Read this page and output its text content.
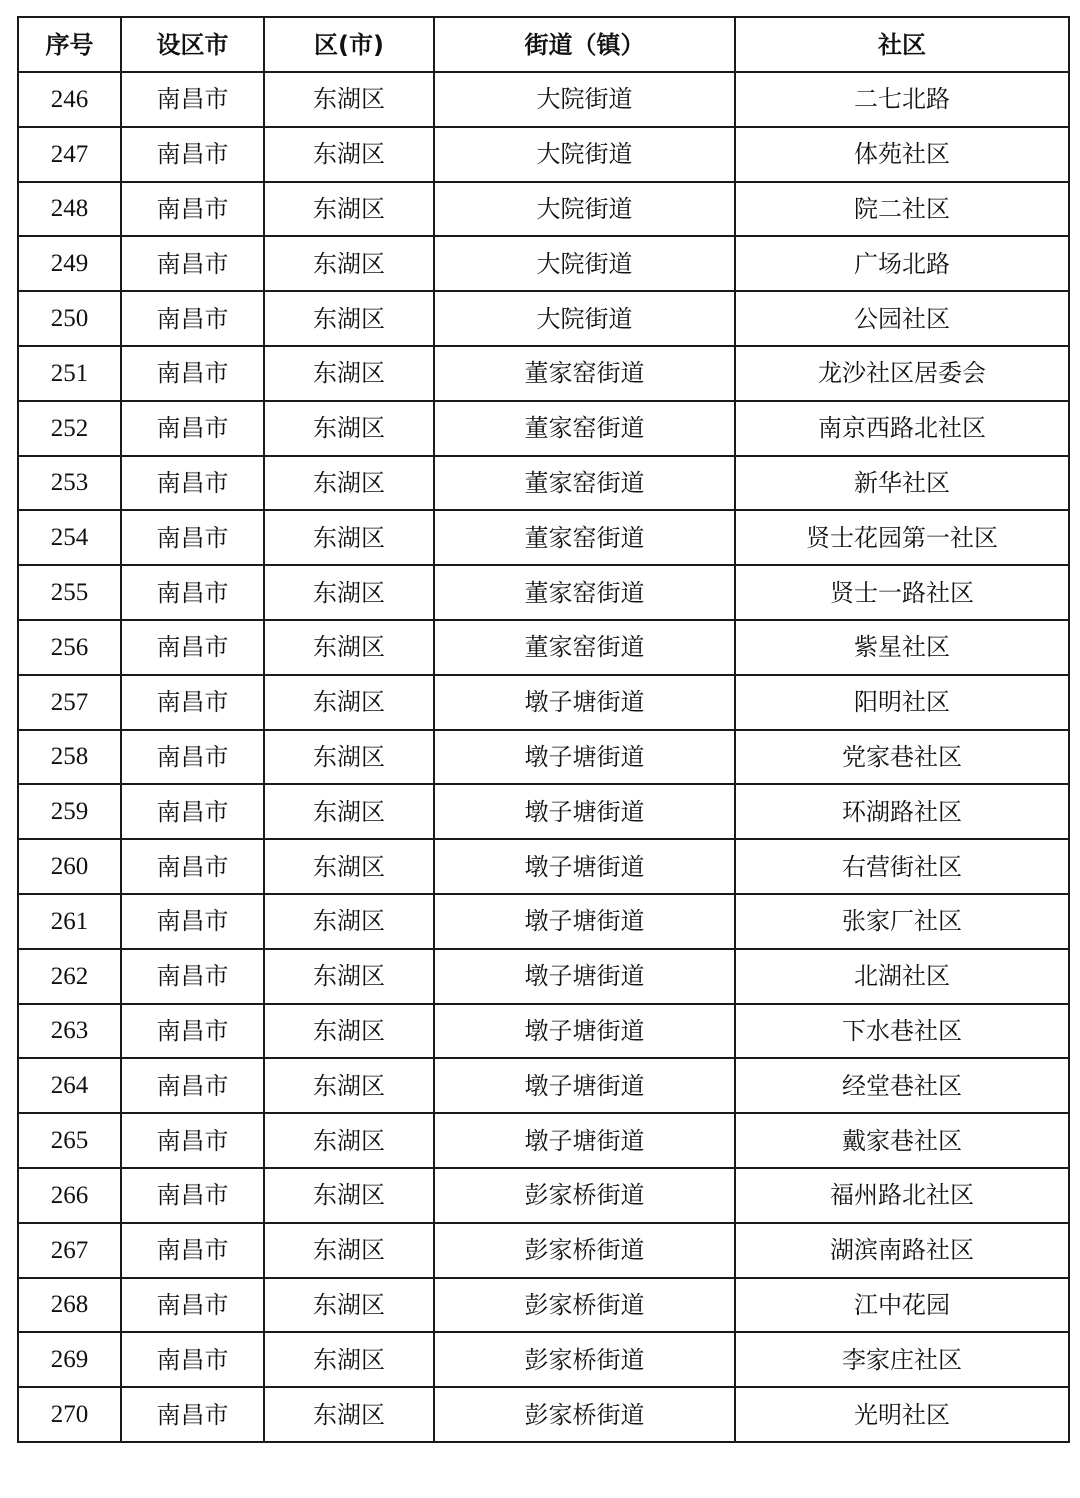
序号	设区市	区(市)	街道（镇）	社区
246	南昌市	东湖区	大院街道	二七北路
247	南昌市	东湖区	大院街道	体苑社区
248	南昌市	东湖区	大院街道	院二社区
249	南昌市	东湖区	大院街道	广场北路
250	南昌市	东湖区	大院街道	公园社区
251	南昌市	东湖区	董家窑街道	龙沙社区居委会
252	南昌市	东湖区	董家窑街道	南京西路北社区
253	南昌市	东湖区	董家窑街道	新华社区
254	南昌市	东湖区	董家窑街道	贤士花园第一社区
255	南昌市	东湖区	董家窑街道	贤士一路社区
256	南昌市	东湖区	董家窑街道	紫星社区
257	南昌市	东湖区	墩子塘街道	阳明社区
258	南昌市	东湖区	墩子塘街道	党家巷社区
259	南昌市	东湖区	墩子塘街道	环湖路社区
260	南昌市	东湖区	墩子塘街道	右营街社区
261	南昌市	东湖区	墩子塘街道	张家厂社区
262	南昌市	东湖区	墩子塘街道	北湖社区
263	南昌市	东湖区	墩子塘街道	下水巷社区
264	南昌市	东湖区	墩子塘街道	经堂巷社区
265	南昌市	东湖区	墩子塘街道	戴家巷社区
266	南昌市	东湖区	彭家桥街道	福州路北社区
267	南昌市	东湖区	彭家桥街道	湖滨南路社区
268	南昌市	东湖区	彭家桥街道	江中花园
269	南昌市	东湖区	彭家桥街道	李家庄社区
270	南昌市	东湖区	彭家桥街道	光明社区
